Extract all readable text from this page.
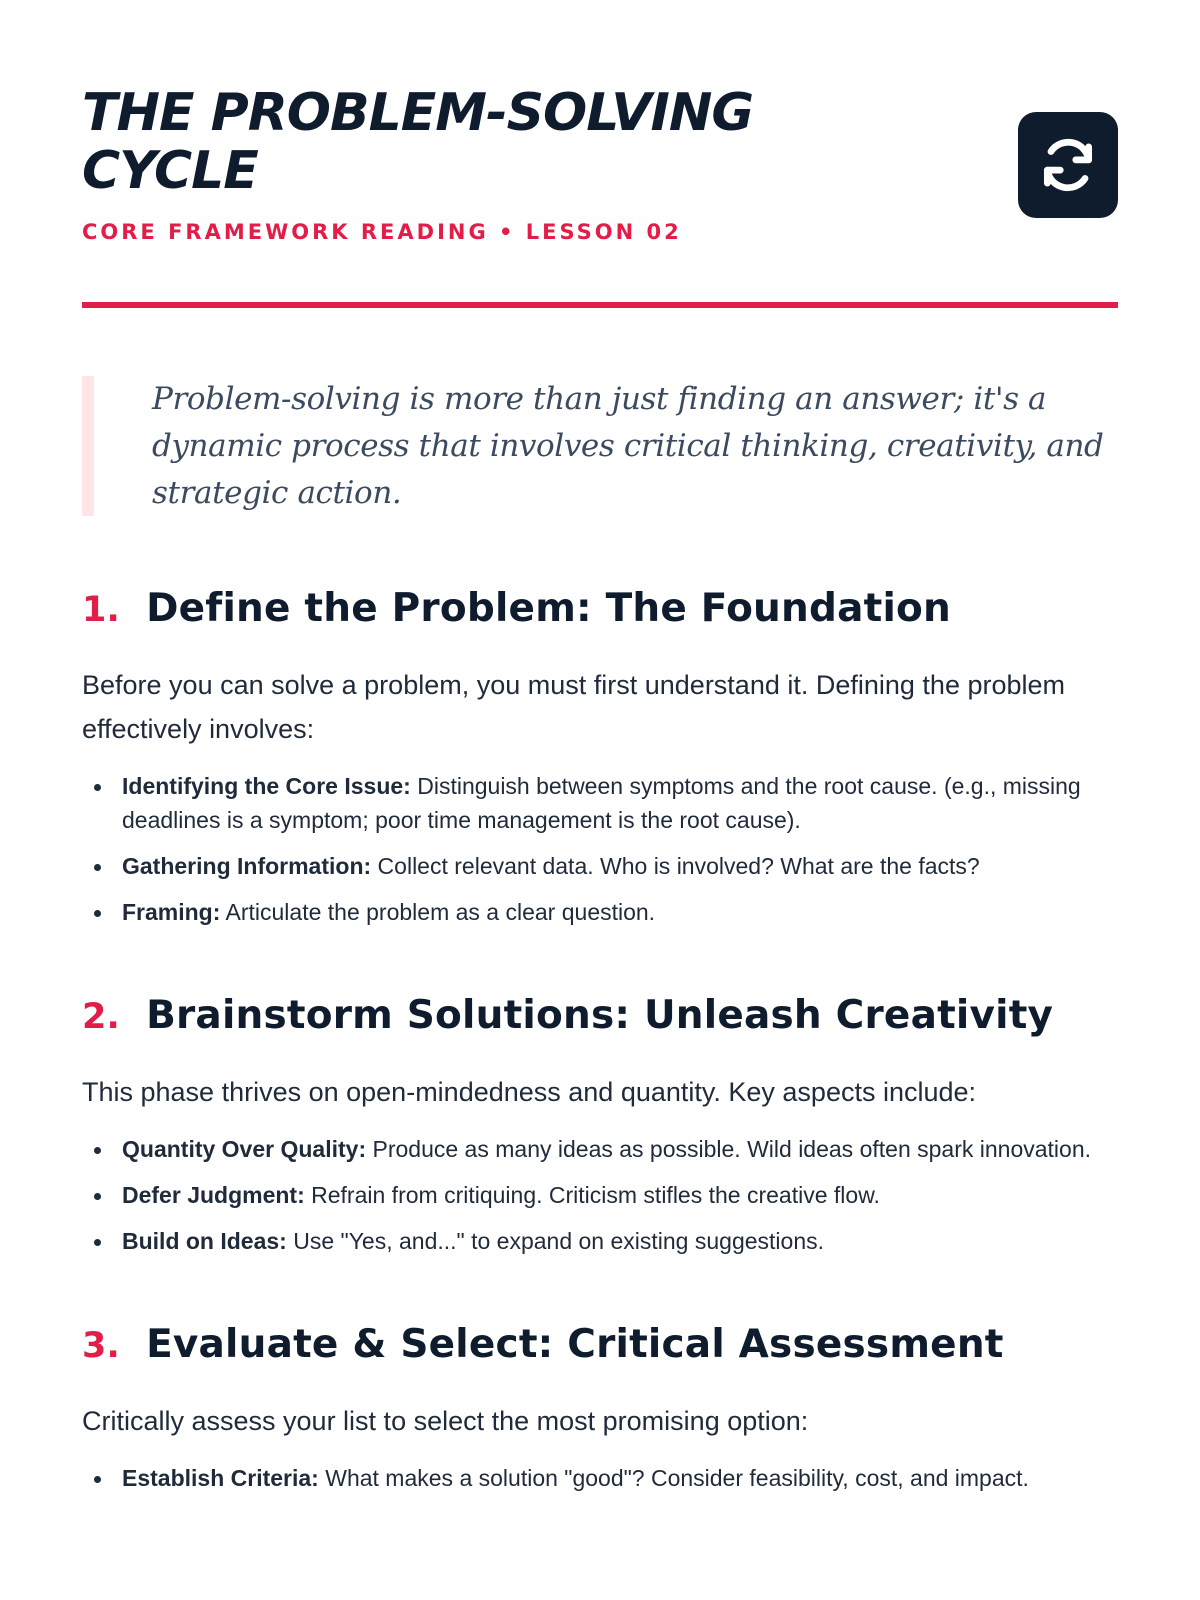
THE PROBLEM-SOLVING CYCLE
CORE FRAMEWORK READING • LESSON 02

Problem-solving is more than just finding an answer; it's a dynamic process that involves critical thinking, creativity, and strategic action.

1. Define the Problem: The Foundation

Before you can solve a problem, you must first understand it. Defining the problem effectively involves:

Identifying the Core Issue: Distinguish between symptoms and the root cause. (e.g., missing deadlines is a symptom; poor time management is the root cause).
Gathering Information: Collect relevant data. Who is involved? What are the facts?
Framing: Articulate the problem as a clear question.
2. Brainstorm Solutions: Unleash Creativity

This phase thrives on open-mindedness and quantity. Key aspects include:

Quantity Over Quality: Produce as many ideas as possible. Wild ideas often spark innovation.
Defer Judgment: Refrain from critiquing. Criticism stifles the creative flow.
Build on Ideas: Use "Yes, and..." to expand on existing suggestions.
3. Evaluate & Select: Critical Assessment

Critically assess your list to select the most promising option:

Establish Criteria: What makes a solution "good"? Consider feasibility, cost, and impact.
